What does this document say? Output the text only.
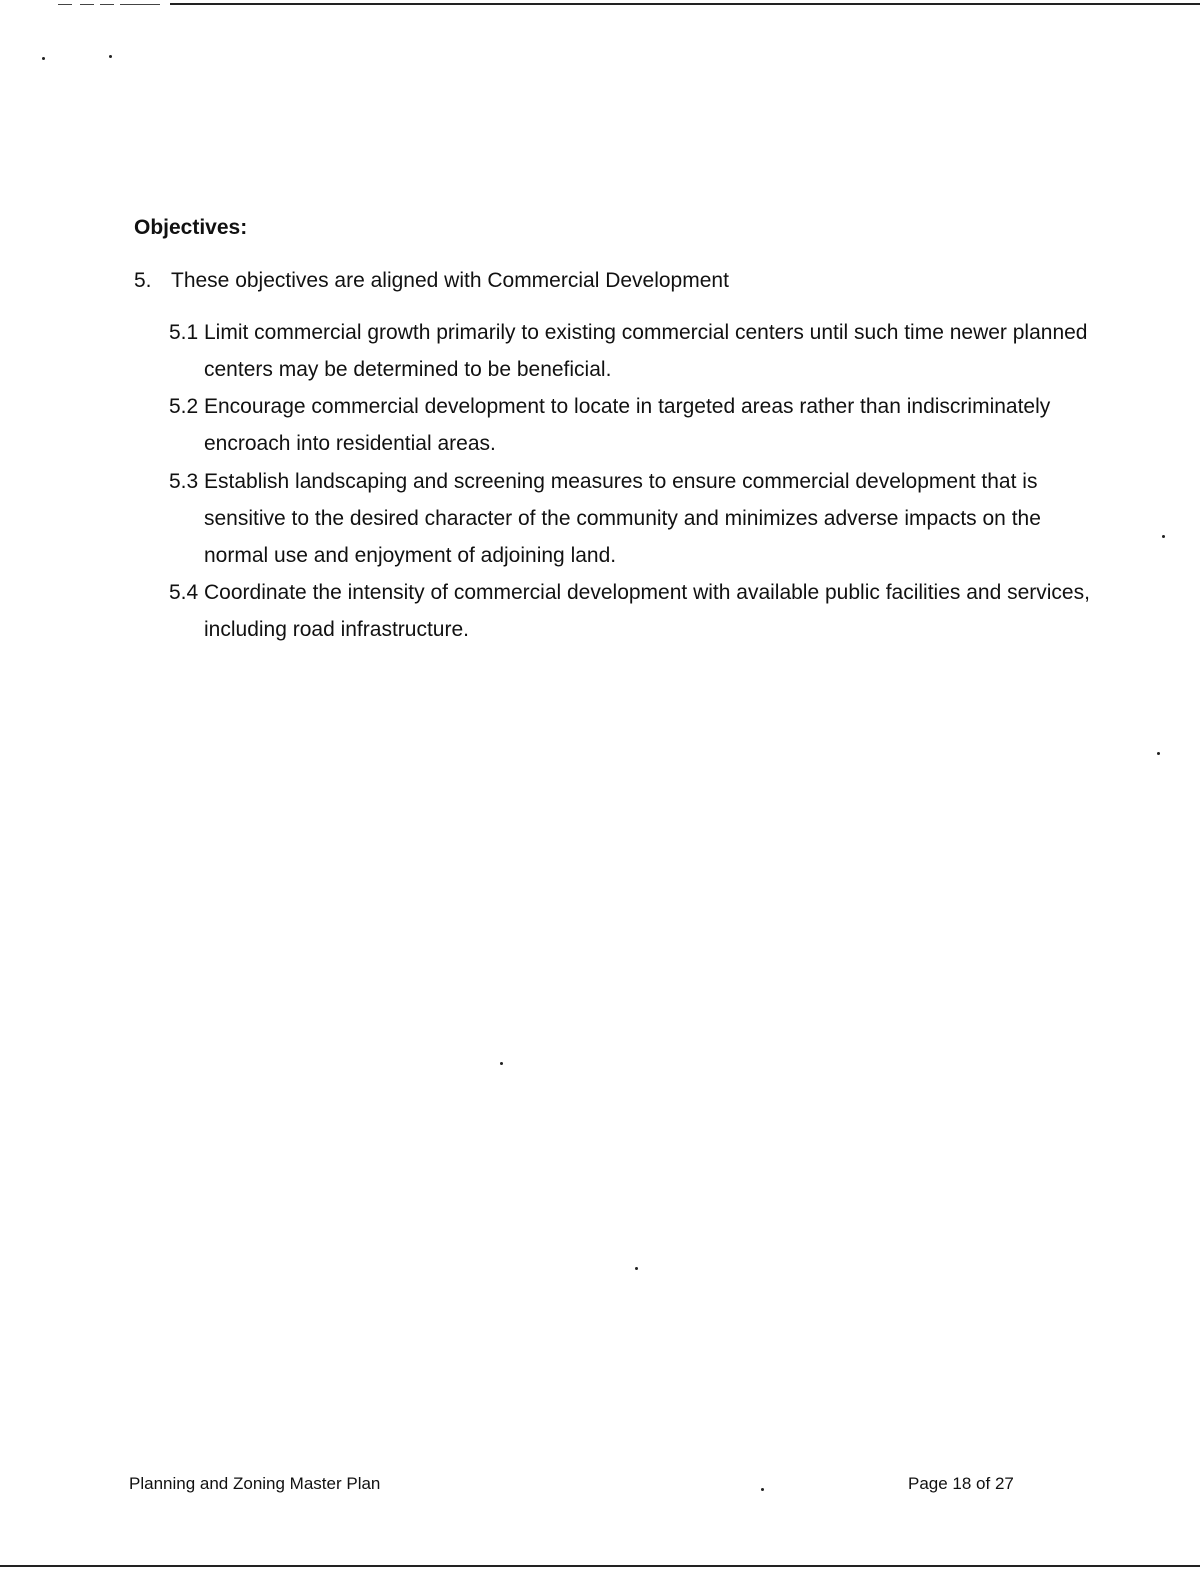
Objectives:
5. These objectives are aligned with Commercial Development
5.1 Limit commercial growth primarily to existing commercial centers until such time newer planned centers may be determined to be beneficial.
5.2 Encourage commercial development to locate in targeted areas rather than indiscriminately encroach into residential areas.
5.3 Establish landscaping and screening measures to ensure commercial development that is sensitive to the desired character of the community and minimizes adverse impacts on the normal use and enjoyment of adjoining land.
5.4 Coordinate the intensity of commercial development with available public facilities and services, including road infrastructure.
Planning and Zoning Master Plan	Page 18 of 27
